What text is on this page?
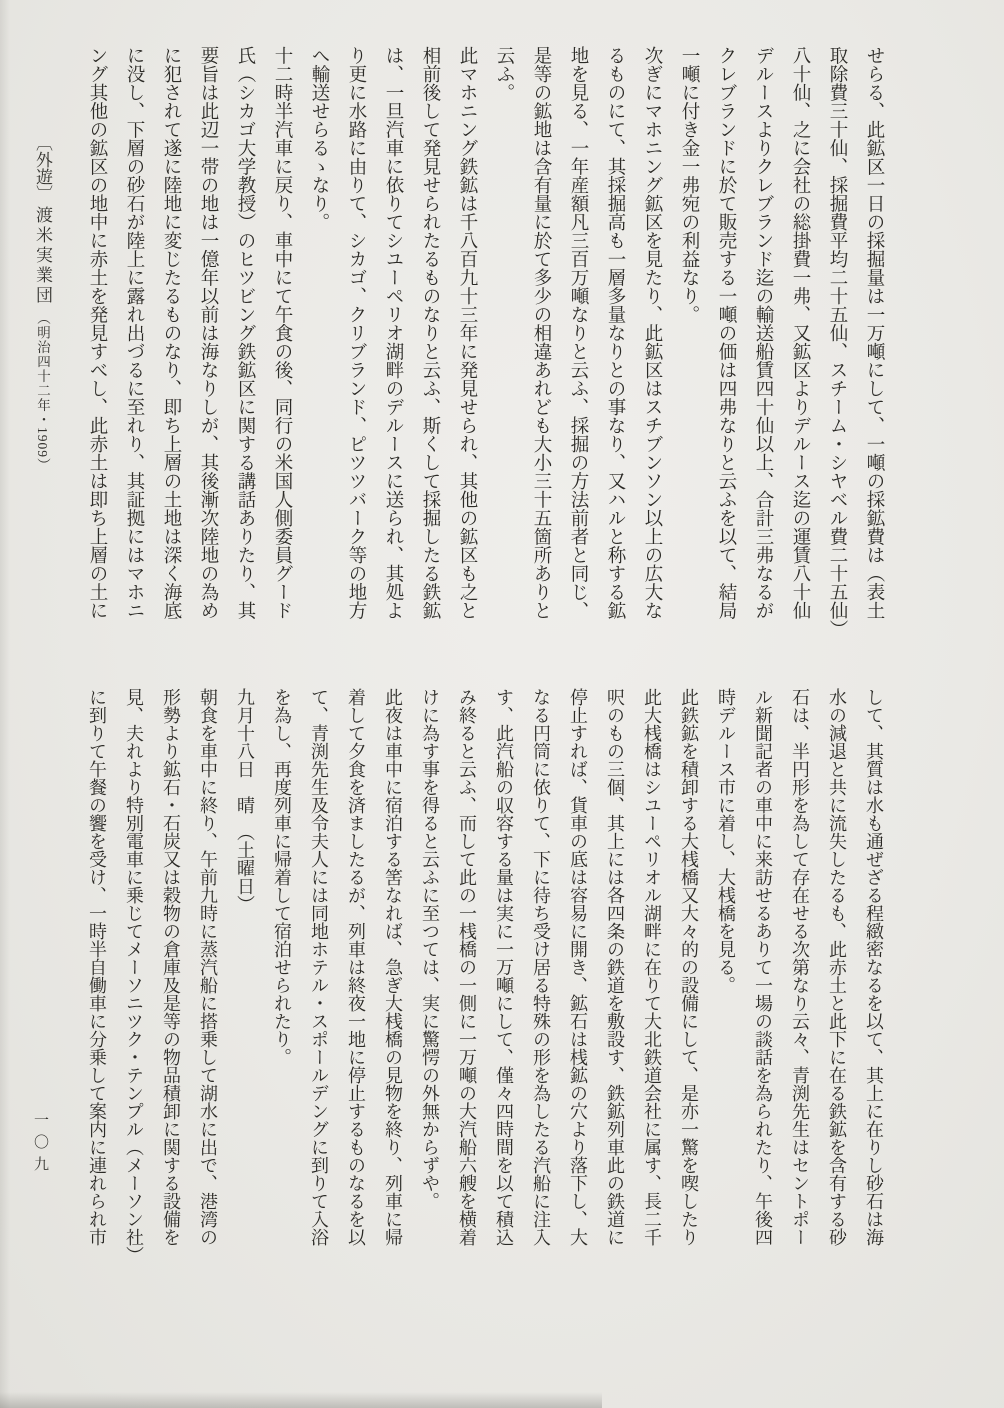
せらる、此鉱区一日の採掘量は一万噸にして、一噸の採鉱費は（表土

取除費三十仙、採掘費平均二十五仙、スチーム・シヤベル費二十五仙）

八十仙、之に会社の総掛費一弗、又鉱区よりデルース迄の運賃八十仙

デルースよりクレブランド迄の輸送船賃四十仙以上、合計三弗なるが

クレブランドに於て販売する一噸の価は四弗なりと云ふを以て、結局

一噸に付き金一弗宛の利益なり。

次ぎにマホニング鉱区を見たり、此鉱区はスチブンソン以上の広大な

るものにて、其採掘高も一層多量なりとの事なり、又ハルと称する鉱

地を見る、一年産額凡三百万噸なりと云ふ、採掘の方法前者と同じ、

是等の鉱地は含有量に於て多少の相違あれども大小三十五箇所ありと

云ふ。

此マホニング鉄鉱は千八百九十三年に発見せられ、其他の鉱区も之と

相前後して発見せられたるものなりと云ふ、斯くして採掘したる鉄鉱

は、一旦汽車に依りてシユーペリオ湖畔のデルースに送られ、其処よ

り更に水路に由りて、シカゴ、クリブランド、ピツツバーク等の地方

へ輸送せらるゝなり。

十二時半汽車に戻り、車中にて午食の後、同行の米国人側委員グード

氏（シカゴ大学教授）のヒツビング鉄鉱区に関する講話ありたり、其

要旨は此辺一帯の地は一億年以前は海なりしが、其後漸次陸地の為め

に犯されて遂に陸地に変じたるものなり、即ち上層の土地は深く海底

に没し、下層の砂石が陸上に露れ出づるに至れり、其証拠にはマホニ

ング其他の鉱区の地中に赤土を発見すべし、此赤土は即ち上層の土に

して、其質は水も通ぜざる程緻密なるを以て、其上に在りし砂石は海

水の減退と共に流失したるも、此赤土と此下に在る鉄鉱を含有する砂

石は、半円形を為して存在せる次第なり云々、青渕先生はセントポー

ル新聞記者の車中に来訪せるありて一場の談話を為られたり、午後四

時デルース市に着し、大桟橋を見る。

此鉄鉱を積卸する大桟橋又大々的の設備にして、是亦一驚を喫したり

此大桟橋はシユーペリオル湖畔に在りて大北鉄道会社に属す、長二千

呎のもの三個、其上には各四条の鉄道を敷設す、鉄鉱列車此の鉄道に

停止すれば、貨車の底は容易に開き、鉱石は桟鉱の穴より落下し、大

なる円筒に依りて、下に待ち受け居る特殊の形を為したる汽船に注入

す、此汽船の収容する量は実に一万噸にして、僅々四時間を以て積込

み終ると云ふ、而して此の一桟橋の一側に一万噸の大汽船六艘を横着

けに為す事を得ると云ふに至つては、実に驚愕の外無からずや。

此夜は車中に宿泊する筈なれば、急ぎ大桟橋の見物を終り、列車に帰

着して夕食を済ましたるが、列車は終夜一地に停止するものなるを以

て、青渕先生及令夫人には同地ホテル・スポールデングに到りて入浴

を為し、再度列車に帰着して宿泊せられたり。

九月十八日　晴　（土曜日）

朝食を車中に終り、午前九時に蒸汽船に搭乗して湖水に出で、港湾の

形勢より鉱石・石炭又は穀物の倉庫及是等の物品積卸に関する設備を

見、夫れより特別電車に乗じてメーソニツク・テンプル（メーソン社）

に到りて午餐の饗を受け、一時半自働車に分乗して案内に連れられ市

〔外遊〕 渡米実業団 （明治四十二年・1909）
一〇九
